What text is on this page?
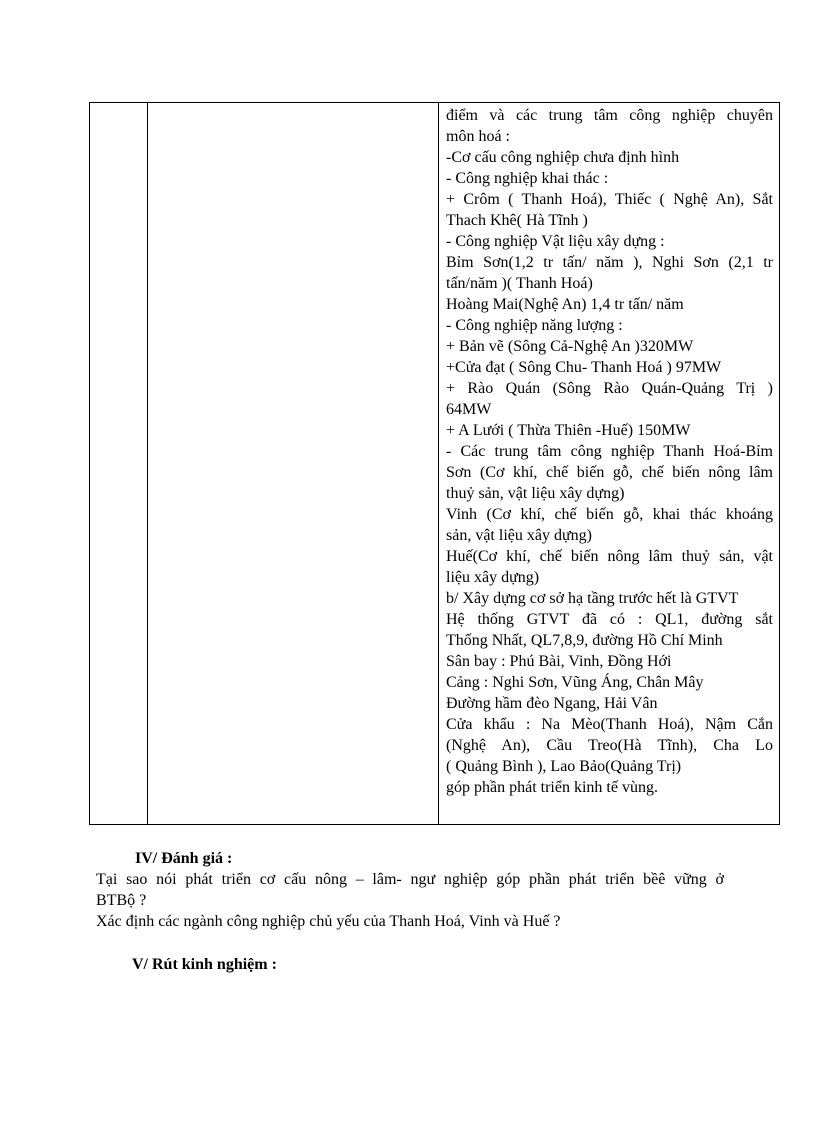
điểm và các trung tâm công nghiệp chuyên
môn hoá :
-Cơ cấu công nghiệp chưa định hình
- Công nghiệp khai thác :
+ Crôm ( Thanh Hoá), Thiếc ( Nghệ An), Sắt
Thach Khê( Hà Tĩnh )
- Công nghiệp Vật liệu xây dựng :
Bỉm Sơn(1,2 tr tấn/ năm ), Nghi Sơn (2,1 tr
tấn/năm )( Thanh Hoá)
Hoàng Mai(Nghệ An) 1,4 tr tấn/ năm
- Công nghiệp năng lượng :
+ Bản vẽ (Sông Cả-Nghệ An )320MW
+Cửa đạt ( Sông Chu- Thanh Hoá ) 97MW
+ Rào Quán (Sông Rào Quán-Quảng Trị )
64MW
+ A Lưới ( Thừa Thiên -Huế) 150MW
- Các trung tâm công nghiệp Thanh Hoá-Bỉm
Sơn (Cơ khí, chế biến gỗ, chế biến nông lâm
thuỷ sản, vật liệu xây dựng)
Vinh (Cơ khí, chế biến gỗ, khai thác khoáng
sản, vật liệu xây dựng)
Huế(Cơ khí, chế biến nông lâm thuỷ sản, vật
liệu xây dựng)
b/ Xây dựng cơ sở hạ tầng trước hết là GTVT
Hệ thống GTVT đã có : QL1, đường sắt
Thống Nhất, QL7,8,9, đường Hồ Chí Minh
Sân bay : Phú Bài, Vinh, Đồng Hới
Cảng : Nghi Sơn, Vũng Áng, Chân Mây
Đường hầm đèo Ngang, Hải Vân
Cửa khẩu : Na Mèo(Thanh Hoá), Nậm Cắn
(Nghệ An), Cầu Treo(Hà Tĩnh), Cha Lo
( Quảng Bình ), Lao Bảo(Quảng Trị)
góp phần phát triển kinh tế vùng.
IV/ Đánh giá :
Tại sao nói phát triển cơ cấu nông – lâm- ngư nghiệp góp phần phát triển bềê vững ở
BTBộ ?
Xác định các ngành công nghiệp chủ yếu của Thanh Hoá, Vinh và Huế ?
V/ Rút kinh nghiệm :
